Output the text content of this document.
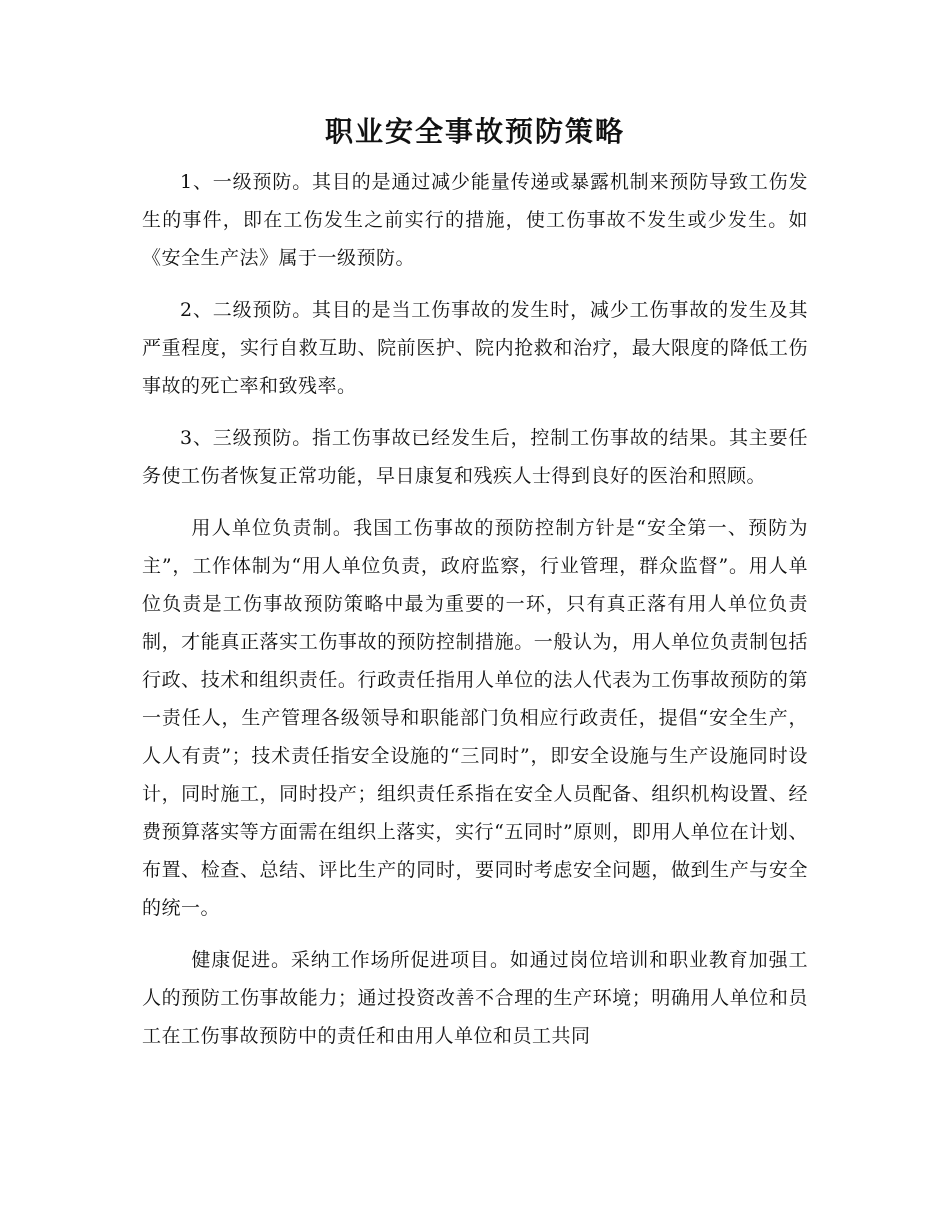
职业安全事故预防策略

1、一级预防。其目的是通过减少能量传递或暴露机制来预防导致工伤发生的事件，即在工伤发生之前实行的措施，使工伤事故不发生或少发生。如《安全生产法》属于一级预防。

2、二级预防。其目的是当工伤事故的发生时，减少工伤事故的发生及其严重程度，实行自救互助、院前医护、院内抢救和治疗，最大限度的降低工伤事故的死亡率和致残率。

3、三级预防。指工伤事故已经发生后，控制工伤事故的结果。其主要任务使工伤者恢复正常功能，早日康复和残疾人士得到良好的医治和照顾。

用人单位负责制。我国工伤事故的预防控制方针是“安全第一、预防为主”，工作体制为“用人单位负责，政府监察，行业管理，群众监督”。用人单位负责是工伤事故预防策略中最为重要的一环，只有真正落有用人单位负责制，才能真正落实工伤事故的预防控制措施。一般认为，用人单位负责制包括行政、技术和组织责任。行政责任指用人单位的法人代表为工伤事故预防的第一责任人，生产管理各级领导和职能部门负相应行政责任，提倡“安全生产，人人有责”；技术责任指安全设施的“三同时”，即安全设施与生产设施同时设计，同时施工，同时投产；组织责任系指在安全人员配备、组织机构设置、经费预算落实等方面需在组织上落实，实行“五同时”原则，即用人单位在计划、布置、检查、总结、评比生产的同时，要同时考虑安全问题，做到生产与安全的统一。

健康促进。采纳工作场所促进项目。如通过岗位培训和职业教育加强工人的预防工伤事故能力；通过投资改善不合理的生产环境；明确用人单位和员工在工伤事故预防中的责任和由用人单位和员工共同
